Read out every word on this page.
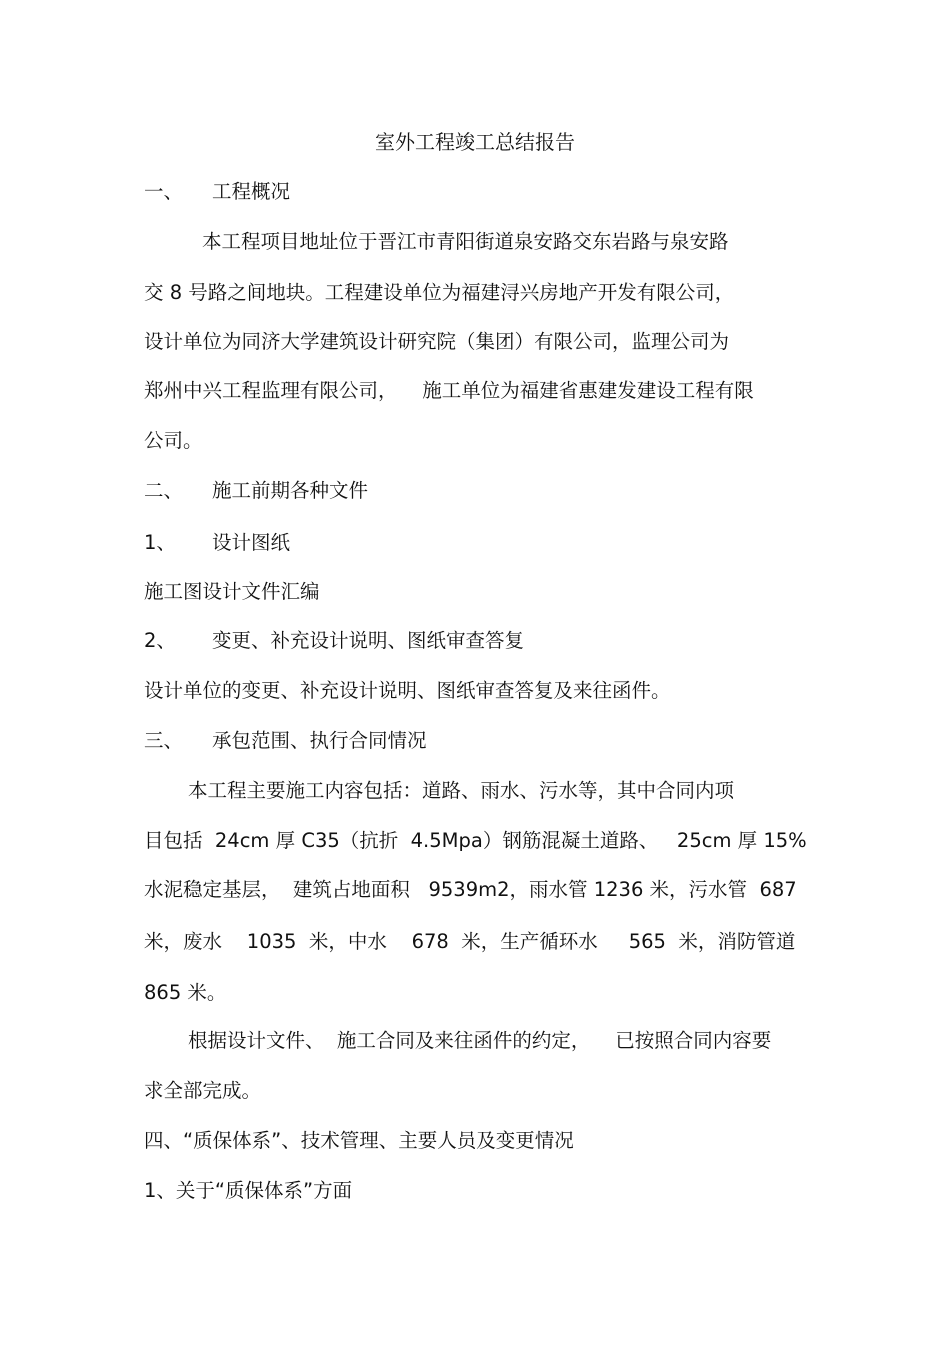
室外工程竣工总结报告
一、 工程概况
本工程项目地址位于晋江市青阳街道泉安路交东岩路与泉安路
交 8 号路之间地块。工程建设单位为福建浔兴房地产开发有限公司，
设计单位为同济大学建筑设计研究院（集团）有限公司，监理公司为
郑州中兴工程监理有限公司，    施工单位为福建省惠建发建设工程有限
公司。
二、 施工前期各种文件
1、 设计图纸
施工图设计文件汇编
2、 变更、补充设计说明、图纸审查答复
设计单位的变更、补充设计说明、图纸审查答复及来往函件。
三、 承包范围、执行合同情况
本工程主要施工内容包括：道路、雨水、污水等，其中合同内项
目包括  24cm 厚 C35（抗折  4.5Mpa）钢筋混凝土道路、   25cm 厚 15%
水泥稳定基层，  建筑占地面积   9539m2，雨水管 1236 米，污水管  687
米，废水    1035  米，中水    678  米，生产循环水     565  米，消防管道
865 米。
根据设计文件、  施工合同及来往函件的约定，    已按照合同内容要
求全部完成。
四、“质保体系”、技术管理、主要人员及变更情况
1、关于“质保体系”方面
